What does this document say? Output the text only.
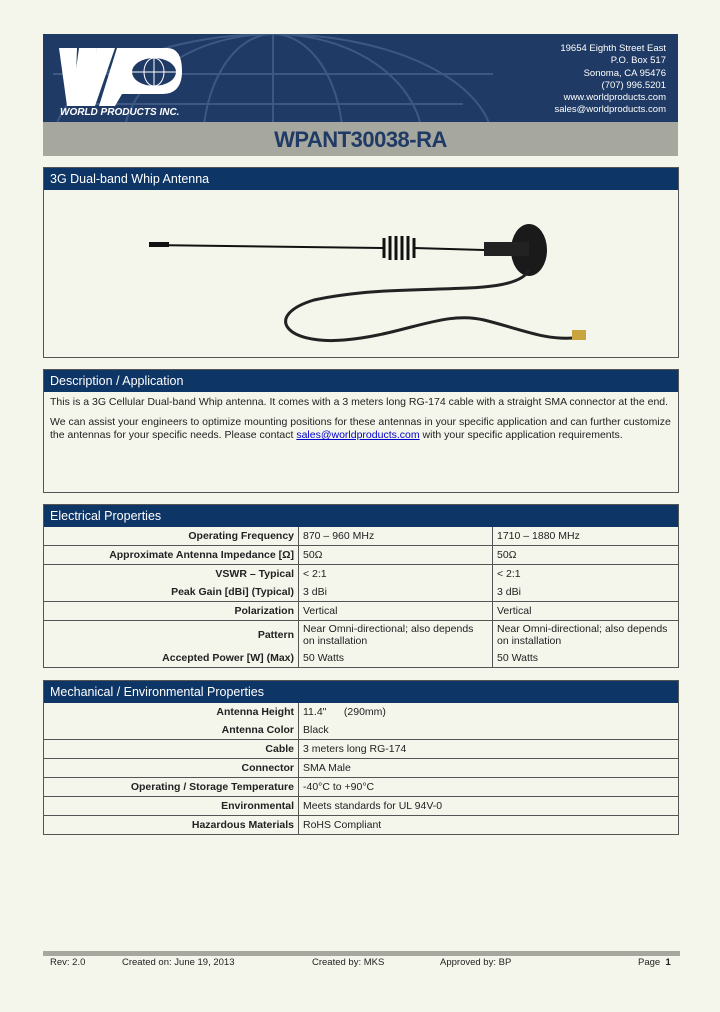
WORLD PRODUCTS INC.
19654 Eighth Street East
P.O. Box 517
Sonoma, CA 95476
(707) 996.5201
www.worldproducts.com
sales@worldproducts.com
WPANT30038-RA
3G Dual-band Whip Antenna
Description / Application

This is a 3G Cellular Dual-band Whip antenna. It comes with a 3 meters long RG-174 cable with a straight SMA connector at the end.

We can assist your engineers to optimize mounting positions for these antennas in your specific application and can further customize the antennas for your specific needs. Please contact sales@worldproducts.com with your specific application requirements.

Electrical Properties
Operating Frequency	870 – 960 MHz	1710 – 1880 MHz
Approximate Antenna Impedance [Ω]	50Ω	50Ω
VSWR – Typical	< 2:1	< 2:1
Peak Gain [dBi] (Typical)	3 dBi	3 dBi
Polarization	Vertical	Vertical
Pattern	Near Omni-directional; also depends on installation	Near Omni-directional; also depends on installation
Accepted Power [W] (Max)	50 Watts	50 Watts
Mechanical / Environmental Properties
Antenna Height	11.4"      (290mm)
Antenna Color	Black
Cable	3 meters long RG-174
Connector	SMA Male
Operating / Storage Temperature	-40°C to +90°C
Environmental	Meets standards for UL 94V-0
Hazardous Materials	RoHS Compliant
Rev: 2.0	Created on: June 19, 2013	Created by: MKS	Approved by: BP	Page 1
